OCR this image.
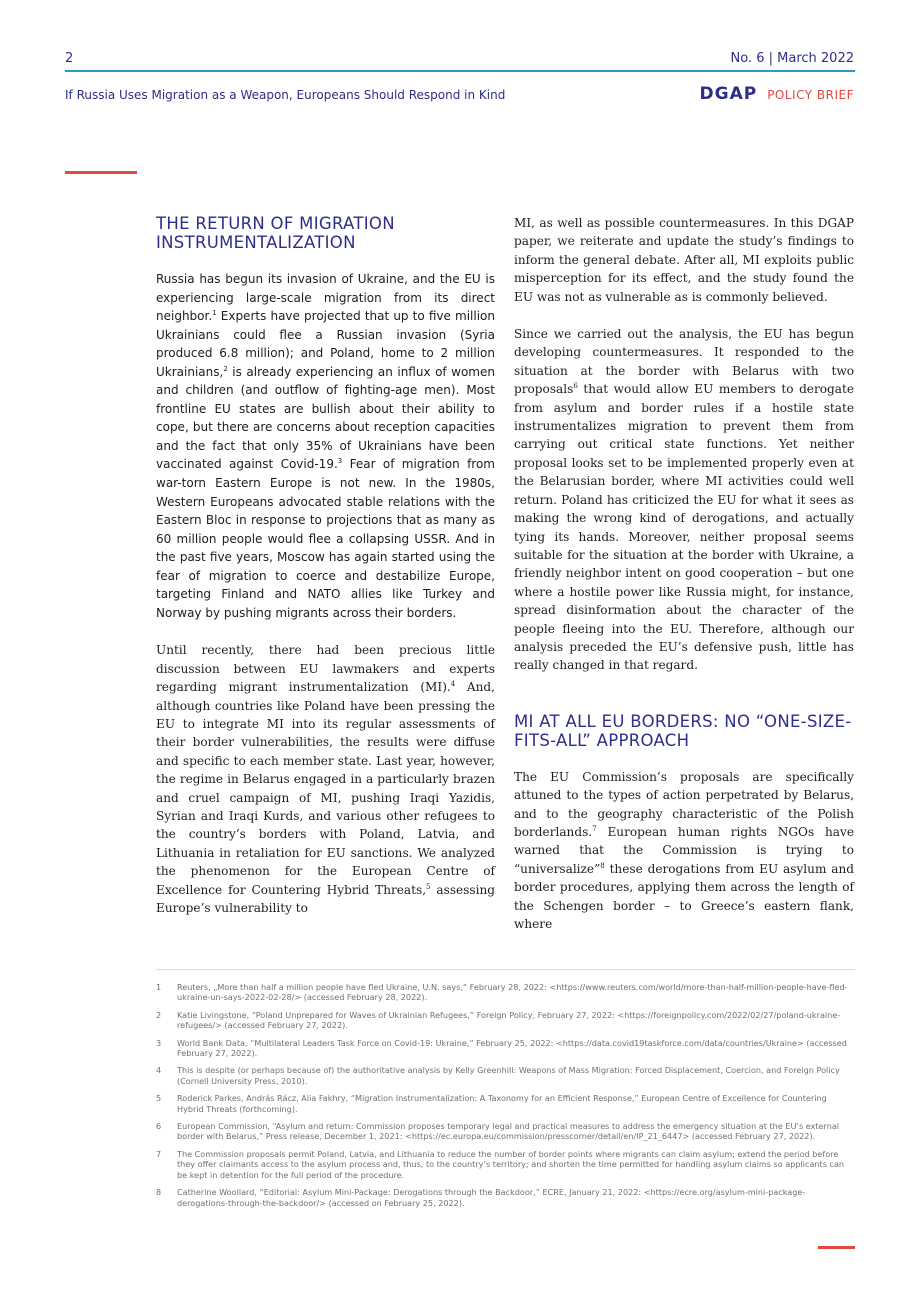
2	No. 6 | March 2022
If Russia Uses Migration as a Weapon, Europeans Should Respond in Kind	DGAP POLICY BRIEF
THE RETURN OF MIGRATION INSTRUMENTALIZATION

Russia has begun its invasion of Ukraine, and the EU is experiencing large-scale migration from its direct neighbor.$^1$ Experts have projected that up to five million Ukrainians could flee a Russian invasion (Syria produced 6.8 million); and Poland, home to 2 million Ukrainians,$^2$ is already experiencing an influx of women and children (and outflow of fighting-age men). Most frontline EU states are bullish about their ability to cope, but there are concerns about reception capacities and the fact that only 35% of Ukrainians have been vaccinated against Covid-19.$^3$ Fear of migration from war-torn Eastern Europe is not new. In the 1980s, Western Europeans advocated stable relations with the Eastern Bloc in response to projections that as many as 60 million people would flee a collapsing USSR. And in the past five years, Moscow has again started using the fear of migration to coerce and destabilize Europe, targeting Finland and NATO allies like Turkey and Norway by pushing migrants across their borders.

Until recently, there had been precious little discussion between EU lawmakers and experts regarding migrant instrumentalization (MI).$^4$ And, although countries like Poland have been pressing the EU to integrate MI into its regular assessments of their border vulnerabilities, the results were diffuse and specific to each member state. Last year, however, the regime in Belarus engaged in a particularly brazen and cruel campaign of MI, pushing Iraqi Yazidis, Syrian and Iraqi Kurds, and various other refugees to the country’s borders with Poland, Latvia, and Lithuania in retaliation for EU sanctions. We analyzed the phenomenon for the European Centre of Excellence for Countering Hybrid Threats,$^5$ assessing Europe’s vulnerability to

MI, as well as possible countermeasures. In this DGAP paper, we reiterate and update the study’s findings to inform the general debate. After all, MI exploits public misperception for its effect, and the study found the EU was not as vulnerable as is commonly believed.

Since we carried out the analysis, the EU has begun developing countermeasures. It responded to the situation at the border with Belarus with two proposals$^6$ that would allow EU members to derogate from asylum and border rules if a hostile state instrumentalizes migration to prevent them from carrying out critical state functions. Yet neither proposal looks set to be implemented properly even at the Belarusian border, where MI activities could well return. Poland has criticized the EU for what it sees as making the wrong kind of derogations, and actually tying its hands. Moreover, neither proposal seems suitable for the situation at the border with Ukraine, a friendly neighbor intent on good cooperation – but one where a hostile power like Russia might, for instance, spread disinformation about the character of the people fleeing into the EU. Therefore, although our analysis preceded the EU’s defensive push, little has really changed in that regard.

MI AT ALL EU BORDERS: NO “ONE-SIZE-FITS-ALL” APPROACH

The EU Commission’s proposals are specifically attuned to the types of action perpetrated by Belarus, and to the geography characteristic of the Polish borderlands.$^7$ European human rights NGOs have warned that the Commission is trying to “universalize”$^8$ these derogations from EU asylum and border procedures, applying them across the length of the Schengen border – to Greece’s eastern flank, where

1	Reuters, „More than half a million people have fled Ukraine, U.N. says,“ February 28, 2022: <https://www.reuters.com/world/more-than-half-million-people-have-fled-ukraine-un-says-2022-02-28/> (accessed February 28, 2022).
2	Katie Livingstone, “Poland Unprepared for Waves of Ukrainian Refugees,” Foreign Policy, February 27, 2022: <https://foreignpolicy.com/2022/02/27/poland-ukraine-refugees/> (accessed February 27, 2022).
3	World Bank Data, “Multilateral Leaders Task Force on Covid-19: Ukraine,” February 25, 2022: <https://data.covid19taskforce.com/data/countries/Ukraine> (accessed February 27, 2022).
4	This is despite (or perhaps because of) the authoritative analysis by Kelly Greenhill: Weapons of Mass Migration: Forced Displacement, Coercion, and Foreign Policy (Cornell University Press, 2010).
5	Roderick Parkes, András Rácz, Alia Fakhry, “Migration Instrumentalization: A Taxonomy for an Efficient Response,” European Centre of Excellence for Countering Hybrid Threats (forthcoming).
6	European Commission, “Asylum and return: Commission proposes temporary legal and practical measures to address the emergency situation at the EU’s external border with Belarus,” Press release, December 1, 2021: <https://ec.europa.eu/commission/presscorner/detail/en/IP_21_6447> (accessed February 27, 2022).
7	The Commission proposals permit Poland, Latvia, and Lithuania to reduce the number of border points where migrants can claim asylum; extend the period before they offer claimants access to the asylum process and, thus, to the country’s territory; and shorten the time permitted for handling asylum claims so applicants can be kept in detention for the full period of the procedure.
8	Catherine Woollard, “Editorial: Asylum Mini-Package: Derogations through the Backdoor,” ECRE, January 21, 2022: <https://ecre.org/asylum-mini-package-derogations-through-the-backdoor/> (accessed on February 25, 2022).
